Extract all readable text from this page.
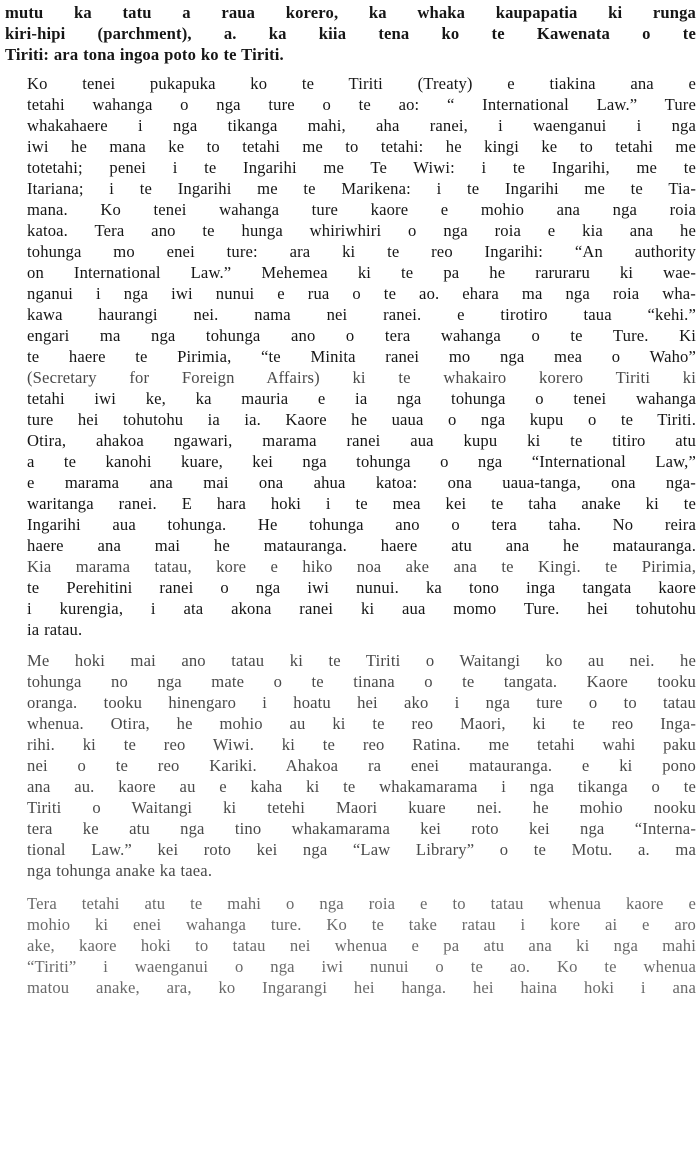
mutu ka tatu a raua korero, ka whaka kaupapatia ki runga
kiri-hipi (parchment), a. ka kiia tena ko te Kawenata o te
Tiriti: ara tona ingoa poto ko te Tiriti.
Ko tenei pukapuka ko te Tiriti (Treaty) e tiakina ana e
tetahi wahanga o nga ture o te ao: “ International Law.” Ture
whakahaere i nga tikanga mahi, aha ranei, i waenganui i nga
iwi he mana ke to tetahi me to tetahi: he kingi ke to tetahi me
totetahi; penei i te Ingarihi me Te Wiwi: i te Ingarihi, me te
Itariana; i te Ingarihi me te Marikena: i te Ingarihi me te Tia-
mana. Ko tenei wahanga ture kaore e mohio ana nga roia
katoa. Tera ano te hunga whiriwhiri o nga roia e kia ana he
tohunga mo enei ture: ara ki te reo Ingarihi: “An authority
on International Law.” Mehemea ki te pa he raruraru ki wae-
nganui i nga iwi nunui e rua o te ao. ehara ma nga roia wha-
kawa haurangi nei. nama nei ranei. e tirotiro taua “kehi.”
engari ma nga tohunga ano o tera wahanga o te Ture. Ki
te haere te Pirimia, “te Minita ranei mo nga mea o Waho”
(Secretary for Foreign Affairs) ki te whakairo korero Tiriti ki
tetahi iwi ke, ka mauria e ia nga tohunga o tenei wahanga
ture hei tohutohu ia ia. Kaore he uaua o nga kupu o te Tiriti.
Otira, ahakoa ngawari, marama ranei aua kupu ki te titiro atu
a te kanohi kuare, kei nga tohunga o nga “International Law,”
e marama ana mai ona ahua katoa: ona uaua-tanga, ona nga-
waritanga ranei. E hara hoki i te mea kei te taha anake ki te
Ingarihi aua tohunga. He tohunga ano o tera taha. No reira
haere ana mai he matauranga. haere atu ana he matauranga.
Kia marama tatau, kore e hiko noa ake ana te Kingi. te Pirimia,
te Perehitini ranei o nga iwi nunui. ka tono inga tangata kaore
i kurengia, i ata akona ranei ki aua momo Ture. hei tohutohu
ia ratau.
Me hoki mai ano tatau ki te Tiriti o Waitangi ko au nei. he
tohunga no nga mate o te tinana o te tangata. Kaore tooku
oranga. tooku hinengaro i hoatu hei ako i nga ture o to tatau
whenua. Otira, he mohio au ki te reo Maori, ki te reo Inga-
rihi. ki te reo Wiwi. ki te reo Ratina. me tetahi wahi paku
nei o te reo Kariki. Ahakoa ra enei matauranga. e ki pono
ana au. kaore au e kaha ki te whakamarama i nga tikanga o te
Tiriti o Waitangi ki tetehi Maori kuare nei. he mohio nooku
tera ke atu nga tino whakamarama kei roto kei nga “Interna-
tional Law.” kei roto kei nga “Law Library” o te Motu. a. ma
nga tohunga anake ka taea.
Tera tetahi atu te mahi o nga roia e to tatau whenua kaore e
mohio ki enei wahanga ture. Ko te take ratau i kore ai e aro
ake, kaore hoki to tatau nei whenua e pa atu ana ki nga mahi
“Tiriti” i waenganui o nga iwi nunui o te ao. Ko te whenua
matou anake, ara, ko Ingarangi hei hanga. hei haina hoki i ana
